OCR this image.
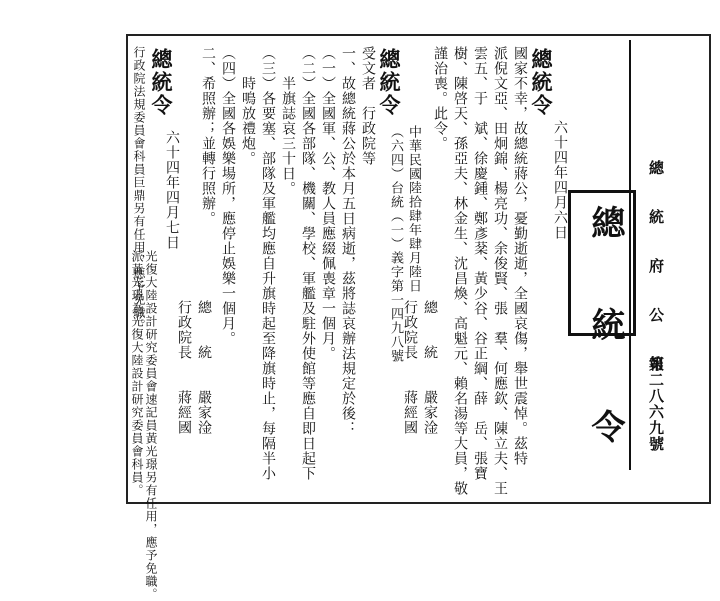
總 統 府 公 報
第二八六九號
總 統 令
總統令
六十四年四月六日
國家不幸，故總統蔣公，憂勤逝逝，全國哀傷，舉世震悼。茲特
派倪文亞、田炯錦、楊亮功、余俊賢、張　羣、何應欽、陳立夫、王
雲五、于　斌、徐慶鍾、鄭彥棻、黃少谷、谷正綱、薛　岳、張寶
樹、陳啓天、孫亞夫、林金生、沈昌煥、高魁元、賴名湯等大員，敬
謹治喪。此令。
總　　統　　嚴家淦
行政院長　　蔣經國
總統令
中華民國陸拾肆年肆月陸日
（六四）台統（一）義字第一四九八號
受文者　行政院等
一、故總統蔣公於本月五日病逝，茲將誌哀辦法規定於後：
（一）全國軍、公、教人員應綴佩喪章一個月。
（二）全國各部隊、機關、學校、軍艦及駐外使館等應自即日起下
　　半旗誌哀三十日。
（三）各要塞、部隊及軍艦均應自升旗時起至降旗時止，每隔半小
　　時鳴放禮炮。
（四）全國各娛樂場所，應停止娛樂一個月。
二、希照辦；並轉行照辦。
總　　統　　嚴家淦
行政院長　　蔣經國
總統令
六十四年四月七日
光復大陸設計研究委員會速記員黃光璟另有任用，應予免職。
派黃光璟為光復大陸設計研究委員會科員。
行政院法規委員會科員巨鼎另有任用，應予免職。
